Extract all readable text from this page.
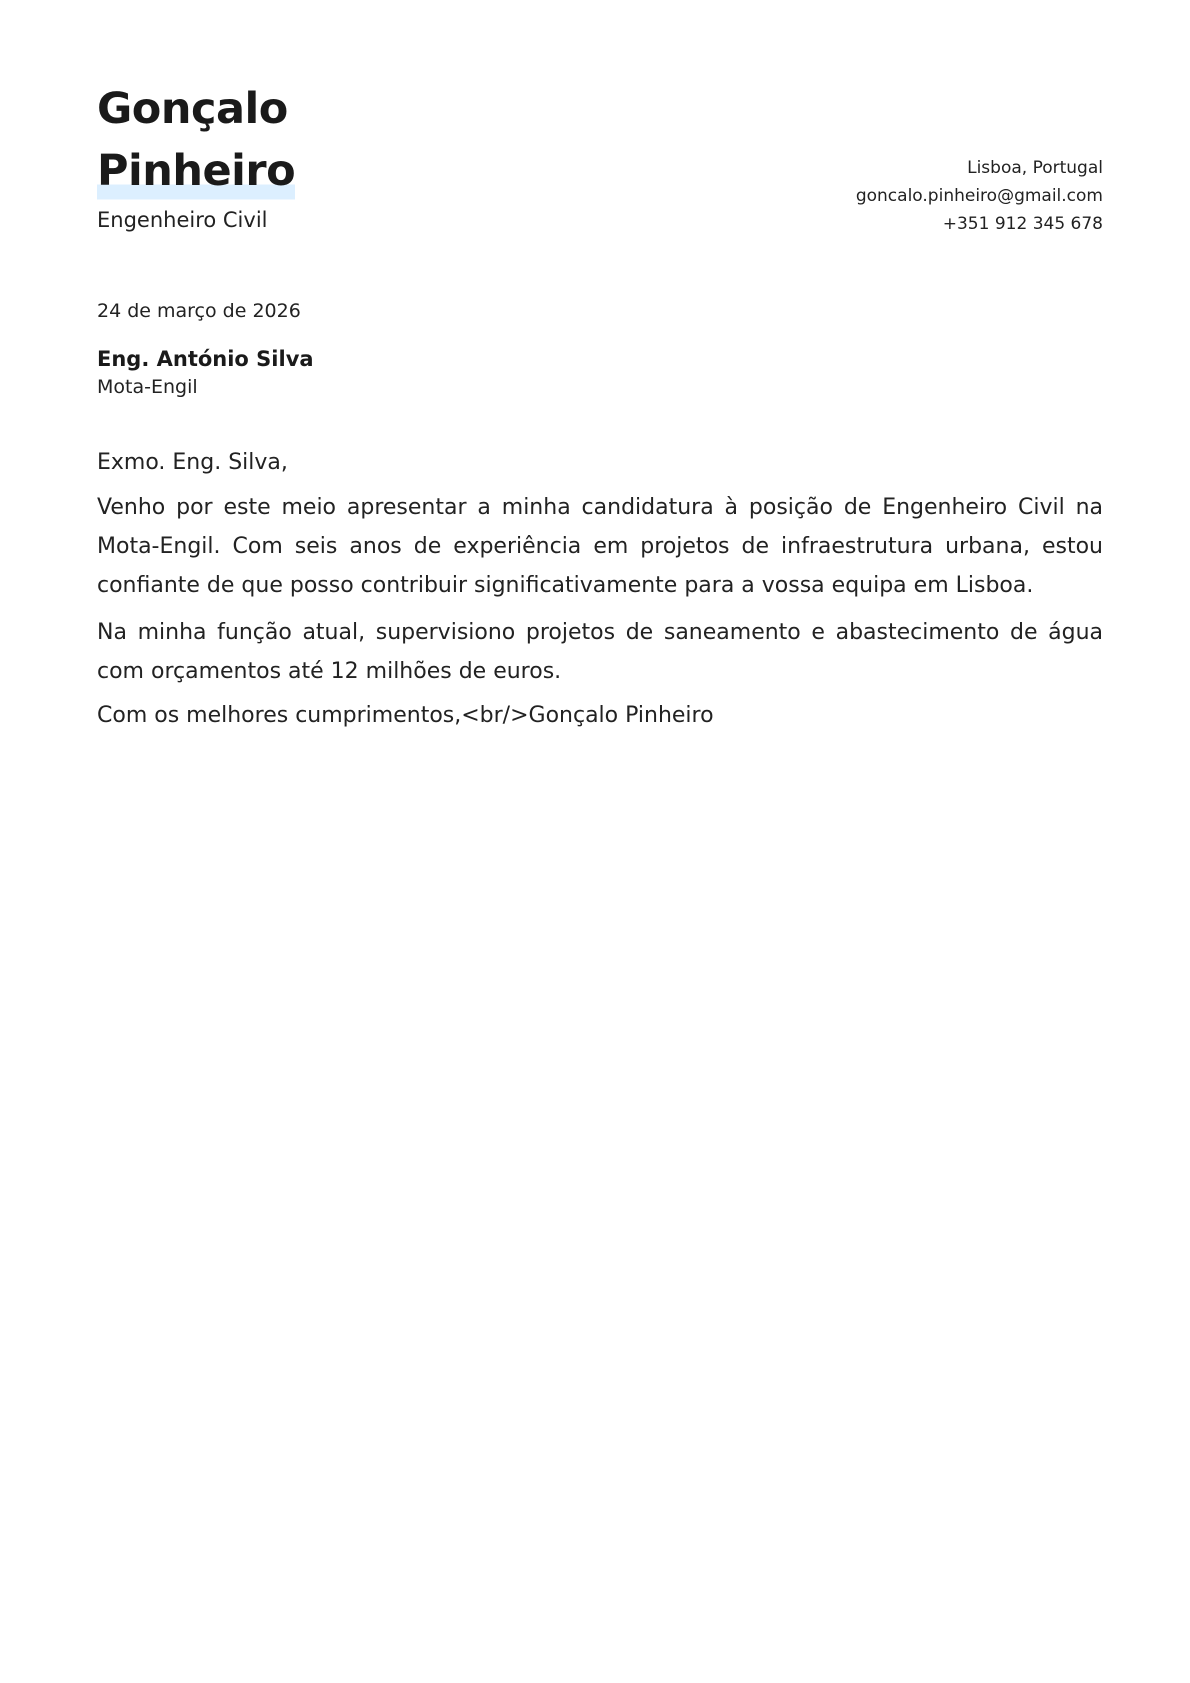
Gonçalo
Pinheiro
Engenheiro Civil
Lisboa, Portugal
goncalo.pinheiro@gmail.com
+351 912 345 678
24 de março de 2026
Eng. António Silva
Mota-Engil

Exmo. Eng. Silva,

Venho por este meio apresentar a minha candidatura à posição de Engenheiro Civil na Mota-Engil. Com seis anos de experiência em projetos de infraestrutura urbana, estou confiante de que posso contribuir significativamente para a vossa equipa em Lisboa.

Na minha função atual, supervisiono projetos de saneamento e abastecimento de água com orçamentos até 12 milhões de euros.

Com os melhores cumprimentos,<br/>Gonçalo Pinheiro
